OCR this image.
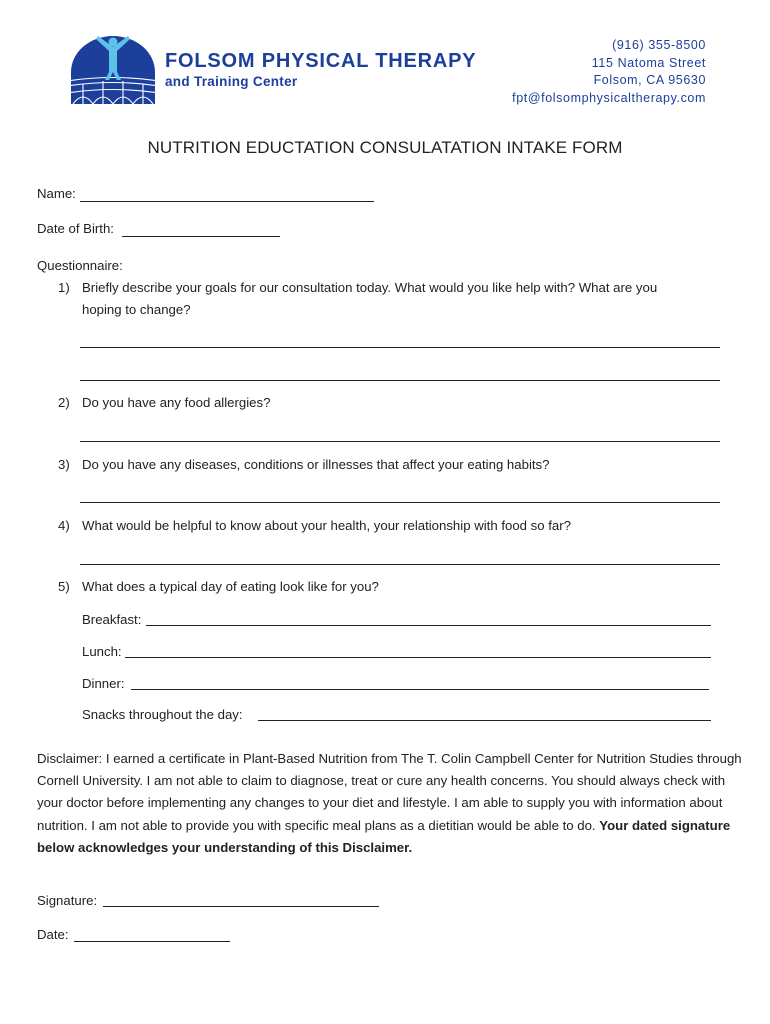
FOLSOM PHYSICAL THERAPY
and Training Center
(916) 355-8500
115 Natoma Street
Folsom, CA 95630
fpt@folsomphysicaltherapy.com
NUTRITION EDUCTATION CONSULATATION INTAKE FORM
Name:
Date of Birth:
Questionnaire:
1) Briefly describe your goals for our consultation today. What would you like help with? What are you
hoping to change?
2) Do you have any food allergies?
3) Do you have any diseases, conditions or illnesses that affect your eating habits?
4) What would be helpful to know about your health, your relationship with food so far?
5) What does a typical day of eating look like for you?
Breakfast:
Lunch:
Dinner:
Snacks throughout the day:
Disclaimer: I earned a certificate in Plant-Based Nutrition from The T. Colin Campbell Center for Nutrition Studies through Cornell University. I am not able to claim to diagnose, treat or cure any health concerns. You should always check with your doctor before implementing any changes to your diet and lifestyle. I am able to supply you with information about nutrition. I am not able to provide you with specific meal plans as a dietitian would be able to do. Your dated signature below acknowledges your understanding of this Disclaimer.
Signature:
Date:
